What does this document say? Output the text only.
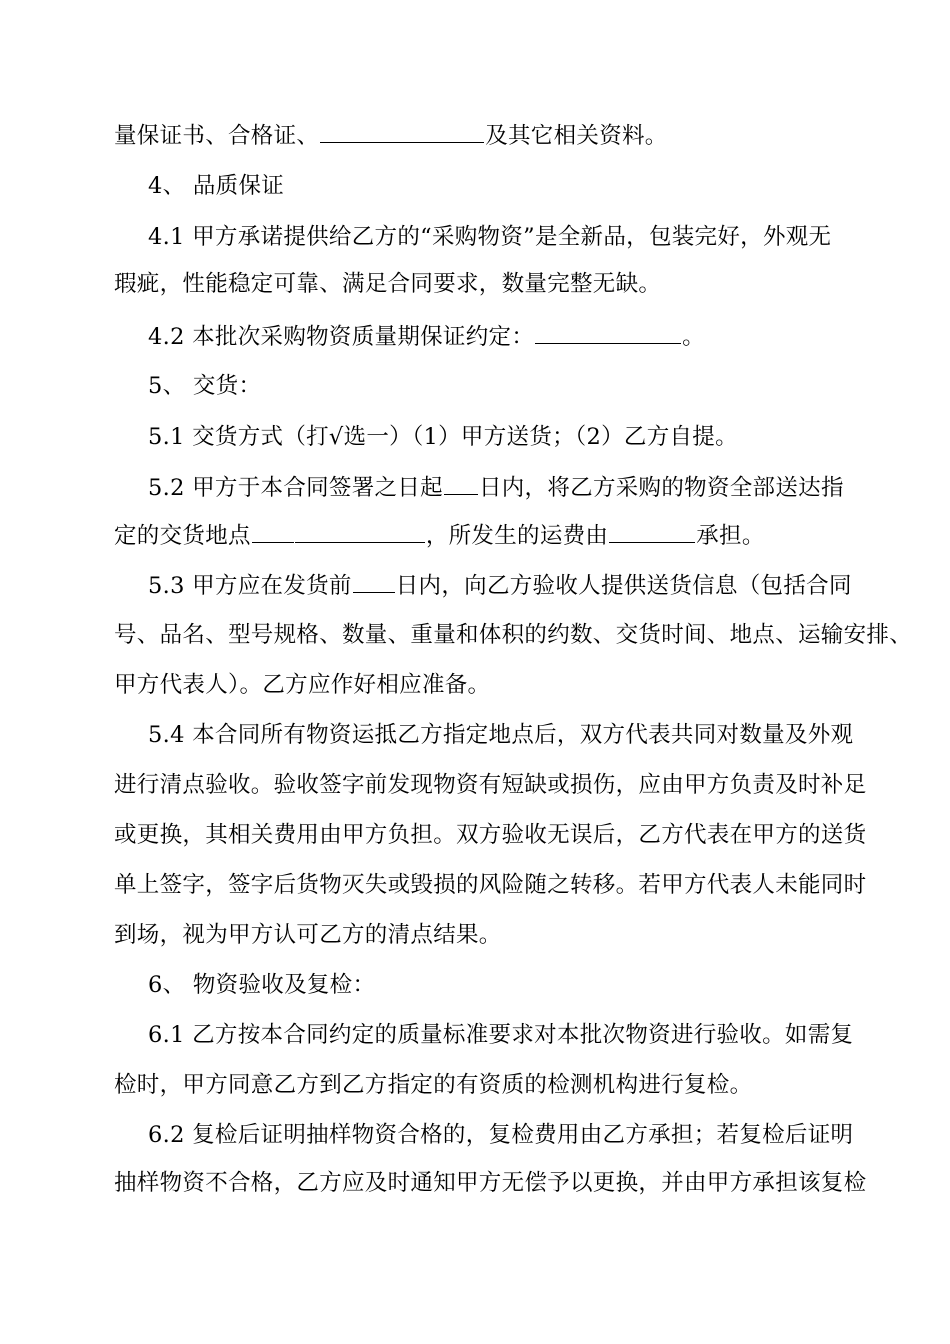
量保证书、合格证、	及其它相关资料。
4、 品质保证
4.1 甲方承诺提供给乙方的“采购物资”是全新品，包装完好，外观无
瑕疵，性能稳定可靠、满足合同要求，数量完整无缺。
4.2 本批次采购物资质量期保证约定：	。
5、 交货：
5.1 交货方式（打√选一）（1）甲方送货；（2）乙方自提。
5.2 甲方于本合同签署之日起 日内，将乙方采购的物资全部送达指
定的交货地点	，所发生的运费由	承担。
5.3 甲方应在发货前 日内，向乙方验收人提供送货信息（包括合同
号、品名、型号规格、数量、重量和体积的约数、交货时间、地点、运输安排、
甲方代表人）。乙方应作好相应准备。
5.4 本合同所有物资运抵乙方指定地点后，双方代表共同对数量及外观
进行清点验收。验收签字前发现物资有短缺或损伤，应由甲方负责及时补足
或更换，其相关费用由甲方负担。双方验收无误后，乙方代表在甲方的送货
单上签字，签字后货物灭失或毁损的风险随之转移。若甲方代表人未能同时
到场，视为甲方认可乙方的清点结果。
6、 物资验收及复检：
6.1 乙方按本合同约定的质量标准要求对本批次物资进行验收。如需复
检时，甲方同意乙方到乙方指定的有资质的检测机构进行复检。
6.2 复检后证明抽样物资合格的，复检费用由乙方承担；若复检后证明
抽样物资不合格，乙方应及时通知甲方无偿予以更换，并由甲方承担该复检
